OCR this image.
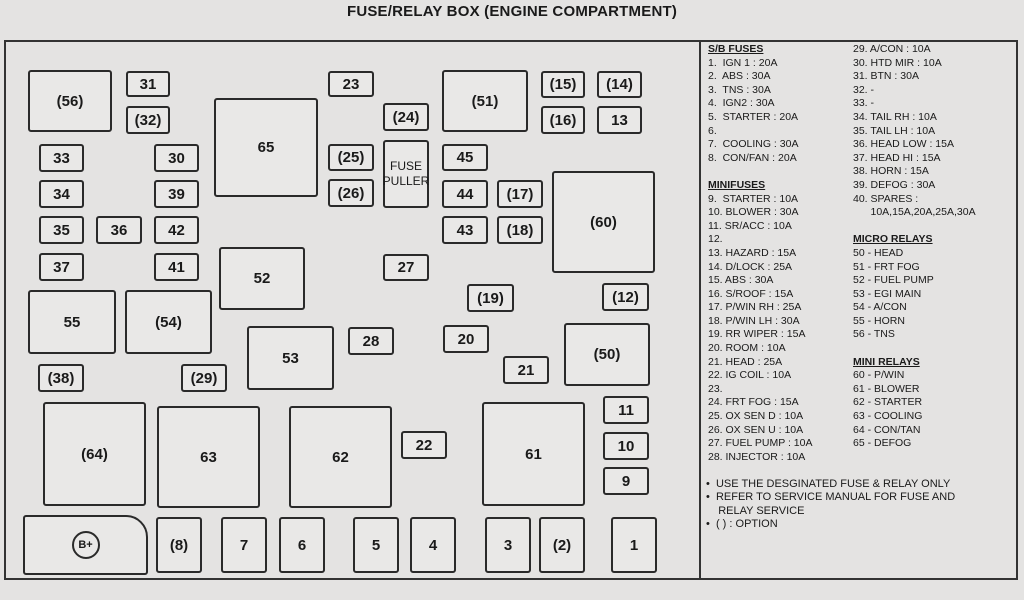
FUSE/RELAY BOX (ENGINE COMPARTMENT)
(56)
31
(32)
23
(24)
(51)
(15)	(14)
(16)	13
65
33	30	(25)	FUSE
PULLER
45
34	39	(26)	44	(17)
(60)
35	36	42	43	(18)
37	41
52
27
55	(54)
(19)	(12)
53
28	20
(50)
(38)	(29)	21
(64)	63	62
22
61
11
10
9
B+	(8)	7	6	5	4	3	(2)	1
S/B FUSES
1.  IGN 1 : 20A
2.  ABS : 30A
3.  TNS : 30A
4.  IGN2 : 30A
5.  STARTER : 20A
6.
7.  COOLING : 30A
8.  CON/FAN : 20A
MINIFUSES
9.  STARTER : 10A
10. BLOWER : 30A
11. SR/ACC : 10A
12.
13. HAZARD : 15A
14. D/LOCK : 25A
15. ABS : 30A
16. S/ROOF : 15A
17. P/WIN RH : 25A
18. P/WIN LH : 30A
19. RR WIPER : 15A
20. ROOM : 10A
21. HEAD : 25A
22. IG COIL : 10A
23.
24. FRT FOG : 15A
25. OX SEN D : 10A
26. OX SEN U : 10A
27. FUEL PUMP : 10A
28. INJECTOR : 10A
29. A/CON : 10A
30. HTD MIR : 10A
31. BTN : 30A
32. -
33. -
34. TAIL RH : 10A
35. TAIL LH : 10A
36. HEAD LOW : 15A
37. HEAD HI : 15A
38. HORN : 15A
39. DEFOG : 30A
40. SPARES :
10A,15A,20A,25A,30A
MICRO RELAYS
50 - HEAD
51 - FRT FOG
52 - FUEL PUMP
53 - EGI MAIN
54 - A/CON
55 - HORN
56 - TNS
MINI RELAYS
60 - P/WIN
61 - BLOWER
62 - STARTER
63 - COOLING
64 - CON/TAN
65 - DEFOG
•  USE THE DESGINATED FUSE & RELAY ONLY
•  REFER TO SERVICE MANUAL FOR FUSE AND
RELAY SERVICE
•  ( ) : OPTION
